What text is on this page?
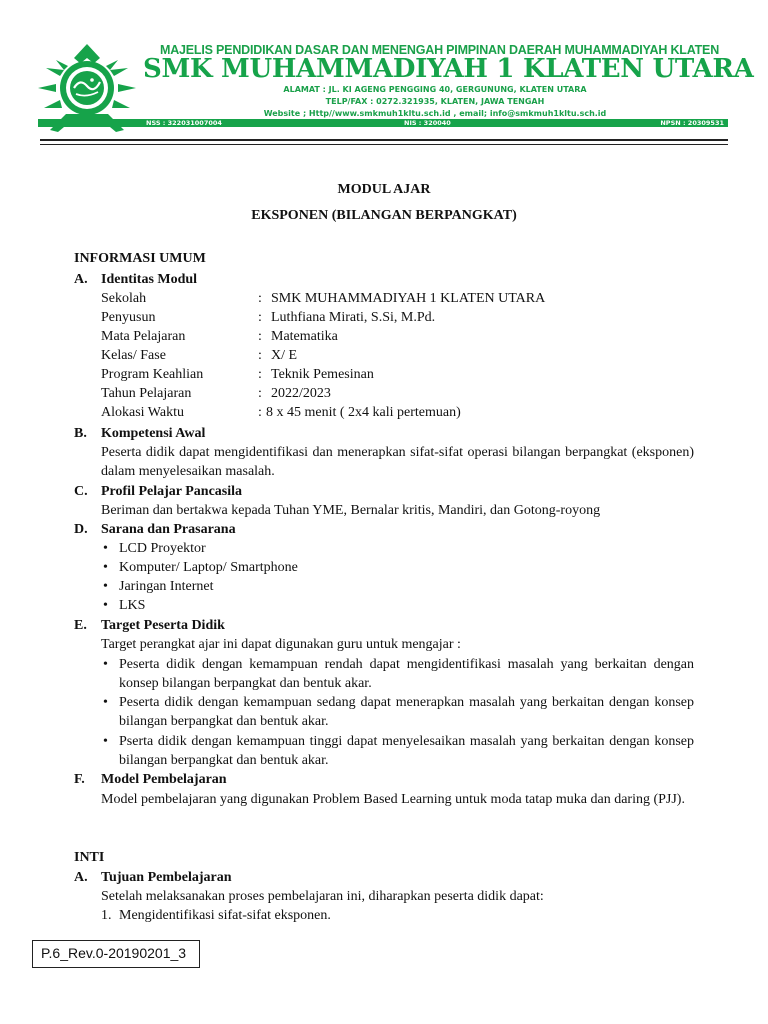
MAJELIS PENDIDIKAN DASAR DAN MENENGAH PIMPINAN DAERAH MUHAMMADIYAH KLATEN
SMK MUHAMMADIYAH 1 KLATEN UTARA
ALAMAT : JL. KI AGENG PENGGING 40, GERGUNUNG, KLATEN UTARA
TELP/FAX : 0272.321935, KLATEN, JAWA TENGAH
Website ; Http//www.smkmuh1kltu.sch.id , email; info@smkmuh1kltu.sch.id
NSS : 322031007004	NIS : 320040	NPSN : 20309531
MODUL AJAR
EKSPONEN (BILANGAN BERPANGKAT)
INFORMASI UMUM
A. Identitas Modul
Sekolah	: SMK MUHAMMADIYAH 1 KLATEN UTARA
Penyusun	: Luthfiana Mirati, S.Si, M.Pd.
Mata Pelajaran	: Matematika
Kelas/ Fase	: X/ E
Program Keahlian	: Teknik Pemesinan
Tahun Pelajaran	: 2022/2023
Alokasi Waktu	: 8 x 45 menit ( 2x4 kali pertemuan)
B. Kompetensi Awal
Peserta didik dapat mengidentifikasi dan menerapkan sifat-sifat operasi bilangan berpangkat (eksponen) dalam menyelesaikan masalah.
C. Profil Pelajar Pancasila
Beriman dan bertakwa kepada Tuhan YME, Bernalar kritis, Mandiri, dan Gotong-royong
D. Sarana dan Prasarana
• LCD Proyektor
• Komputer/ Laptop/ Smartphone
• Jaringan Internet
• LKS
E. Target Peserta Didik
Target perangkat ajar ini dapat digunakan guru untuk mengajar :
• Peserta didik dengan kemampuan rendah dapat mengidentifikasi masalah yang berkaitan dengan konsep bilangan berpangkat dan bentuk akar.
• Peserta didik dengan kemampuan sedang dapat menerapkan masalah yang berkaitan dengan konsep bilangan berpangkat dan bentuk akar.
• Pserta didik dengan kemampuan tinggi dapat menyelesaikan masalah yang berkaitan dengan konsep bilangan berpangkat dan bentuk akar.
F. Model Pembelajaran
Model pembelajaran yang digunakan Problem Based Learning untuk moda tatap muka dan daring (PJJ).
INTI
A. Tujuan Pembelajaran
Setelah melaksanakan proses pembelajaran ini, diharapkan peserta didik dapat:
1. Mengidentifikasi sifat-sifat eksponen.
P.6_Rev.0-20190201_3
